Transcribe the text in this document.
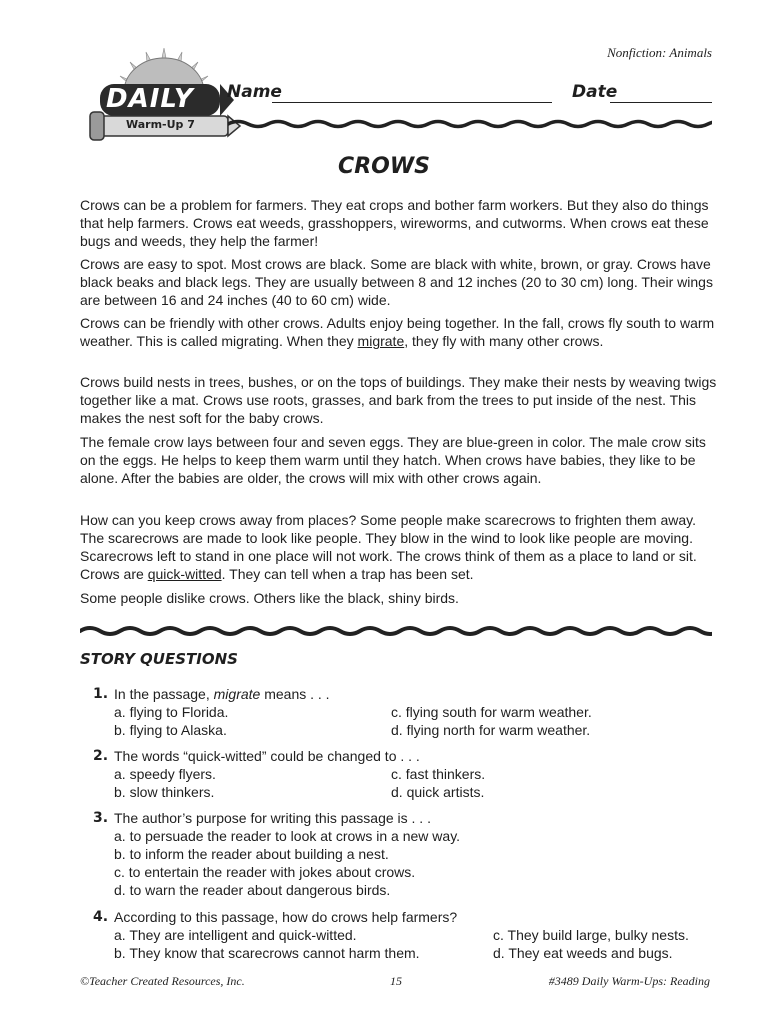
Nonfiction: Animals
DAILY
Warm-Up 7
Name	Date
CROWS

Crows can be a problem for farmers. They eat crops and bother farm workers. But they also do things that help farmers. Crows eat weeds, grasshoppers, wireworms, and cutworms. When crows eat these bugs and weeds, they help the farmer!

Crows are easy to spot. Most crows are black. Some are black with white, brown, or gray. Crows have black beaks and black legs. They are usually between 8 and 12 inches (20 to 30 cm) long. Their wings are between 16 and 24 inches (40 to 60 cm) wide.

Crows can be friendly with other crows. Adults enjoy being together. In the fall, crows fly south to warm weather. This is called migrating. When they migrate, they fly with many other crows.

Crows build nests in trees, bushes, or on the tops of buildings. They make their nests by weaving twigs together like a mat. Crows use roots, grasses, and bark from the trees to put inside of the nest. This makes the nest soft for the baby crows.

The female crow lays between four and seven eggs. They are blue-green in color. The male crow sits on the eggs. He helps to keep them warm until they hatch. When crows have babies, they like to be alone. After the babies are older, the crows will mix with other crows again.

How can you keep crows away from places? Some people make scarecrows to frighten them away. The scarecrows are made to look like people. They blow in the wind to look like people are moving. Scarecrows left to stand in one place will not work. The crows think of them as a place to land or sit. Crows are quick-witted. They can tell when a trap has been set.

Some people dislike crows. Others like the black, shiny birds.

STORY QUESTIONS
1. In the passage, migrate means . . .
a. flying to Florida.
b. flying to Alaska.
c. flying south for warm weather.
d. flying north for warm weather.
2. The words “quick-witted” could be changed to . . .
a. speedy flyers.
b. slow thinkers.
c. fast thinkers.
d. quick artists.
3. The author’s purpose for writing this passage is . . .
a. to persuade the reader to look at crows in a new way.
b. to inform the reader about building a nest.
c. to entertain the reader with jokes about crows.
d. to warn the reader about dangerous birds.
4. According to this passage, how do crows help farmers?
a. They are intelligent and quick-witted.
b. They know that scarecrows cannot harm them.
c. They build large, bulky nests.
d. They eat weeds and bugs.
©Teacher Created Resources, Inc.	15	#3489 Daily Warm-Ups: Reading
